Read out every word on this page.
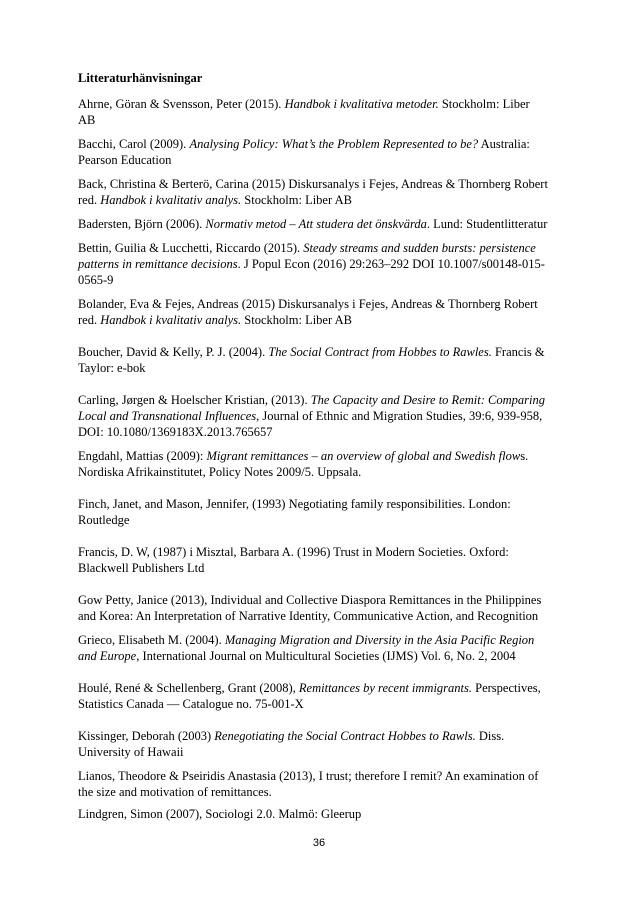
Litteraturhänvisningar

Ahrne, Göran & Svensson, Peter (2015). Handbok i kvalitativa metoder. Stockholm: Liber

AB

Bacchi, Carol (2009). Analysing Policy: What’s the Problem Represented to be? Australia:

Pearson Education

Back, Christina & Berterö, Carina (2015) Diskursanalys i Fejes, Andreas & Thornberg Robert

red. Handbok i kvalitativ analys. Stockholm: Liber AB

Badersten, Björn (2006). Normativ metod – Att studera det önskvärda. Lund: Studentlitteratur

Bettin, Guilia & Lucchetti, Riccardo (2015). Steady streams and sudden bursts: persistence

patterns in remittance decisions. J Popul Econ (2016) 29:263–292 DOI 10.1007/s00148-015-

0565-9

Bolander, Eva & Fejes, Andreas (2015) Diskursanalys i Fejes, Andreas & Thornberg Robert

red. Handbok i kvalitativ analys. Stockholm: Liber AB

Boucher, David & Kelly, P. J. (2004). The Social Contract from Hobbes to Rawles. Francis &

Taylor: e-bok

Carling, Jørgen & Hoelscher Kristian, (2013). The Capacity and Desire to Remit: Comparing

Local and Transnational Influences, Journal of Ethnic and Migration Studies, 39:6, 939-958,

DOI: 10.1080/1369183X.2013.765657

Engdahl, Mattias (2009): Migrant remittances – an overview of global and Swedish flows.

Nordiska Afrikainstitutet, Policy Notes 2009/5. Uppsala.

Finch, Janet, and Mason, Jennifer, (1993) Negotiating family responsibilities. London:

Routledge

Francis, D. W, (1987) i Misztal, Barbara A. (1996) Trust in Modern Societies. Oxford:

Blackwell Publishers Ltd

Gow Petty, Janice (2013), Individual and Collective Diaspora Remittances in the Philippines

and Korea: An Interpretation of Narrative Identity, Communicative Action, and Recognition

Grieco, Elisabeth M. (2004). Managing Migration and Diversity in the Asia Pacific Region

and Europe, International Journal on Multicultural Societies (IJMS) Vol. 6, No. 2, 2004

Houlé, René & Schellenberg, Grant (2008), Remittances by recent immigrants. Perspectives,

Statistics Canada — Catalogue no. 75-001-X

Kissinger, Deborah (2003) Renegotiating the Social Contract Hobbes to Rawls. Diss.

University of Hawaii

Lianos, Theodore & Pseiridis Anastasia (2013), I trust; therefore I remit? An examination of

the size and motivation of remittances.

Lindgren, Simon (2007), Sociologi 2.0. Malmö: Gleerup

36
